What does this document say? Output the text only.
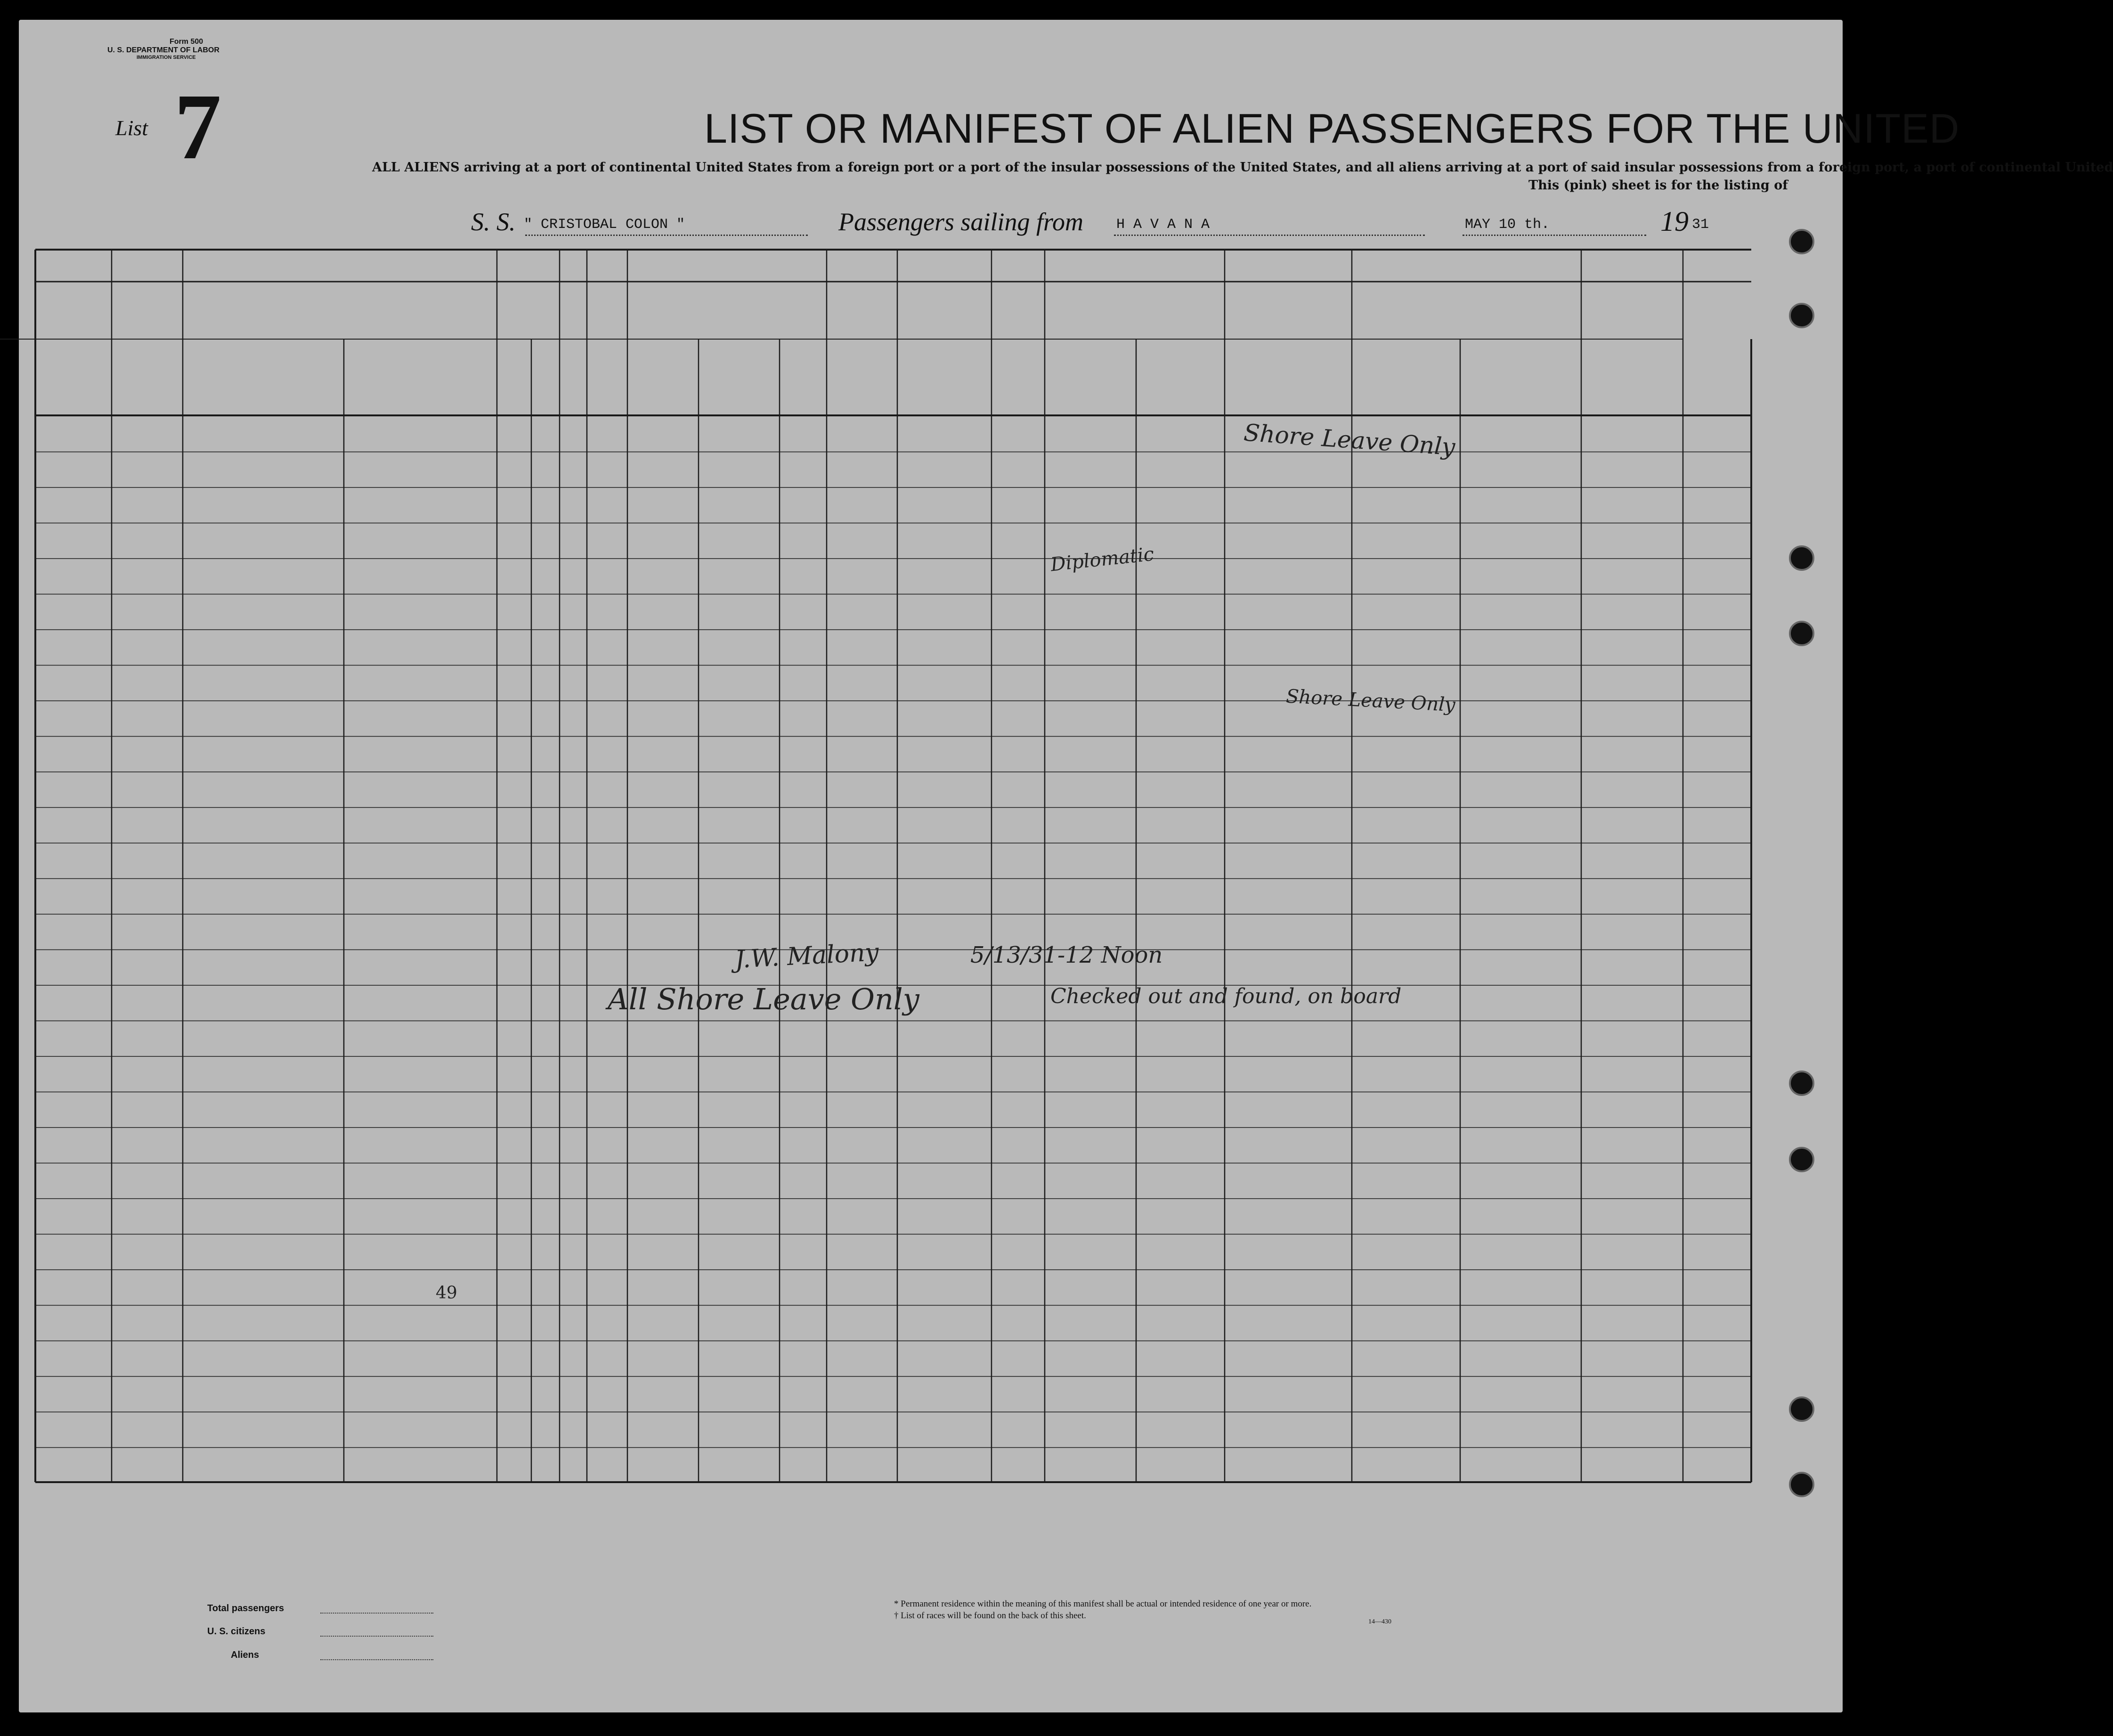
Form 500
U. S. DEPARTMENT OF LABOR
IMMIGRATION SERVICE
List 7	LIST OR MANIFEST OF ALIEN PASSENGERS FOR THE UNITED
ALL ALIENS arriving at a port of continental United States from a foreign port or a port of the insular possessions of the United States, and all aliens arriving at a port of said insular possessions from a foreign port, a port of continental United
This (pink) sheet is for the listing of
S. S. " CRISTOBAL COLON "	Passengers sailing from H A V A N A	MAY 10 th.	19 31
Shore Leave Only
Shore Leave Only
J.W. Malony	5/13/31-12 Noon
All Shore Leave Only	Checked out and found, on board
Diplomatic
49
Total passengers
U. S. citizens
Aliens
* Permanent residence within the meaning of this manifest shall be actual or intended residence of one year or more.
† List of races will be found on the back of this sheet.
14—430
